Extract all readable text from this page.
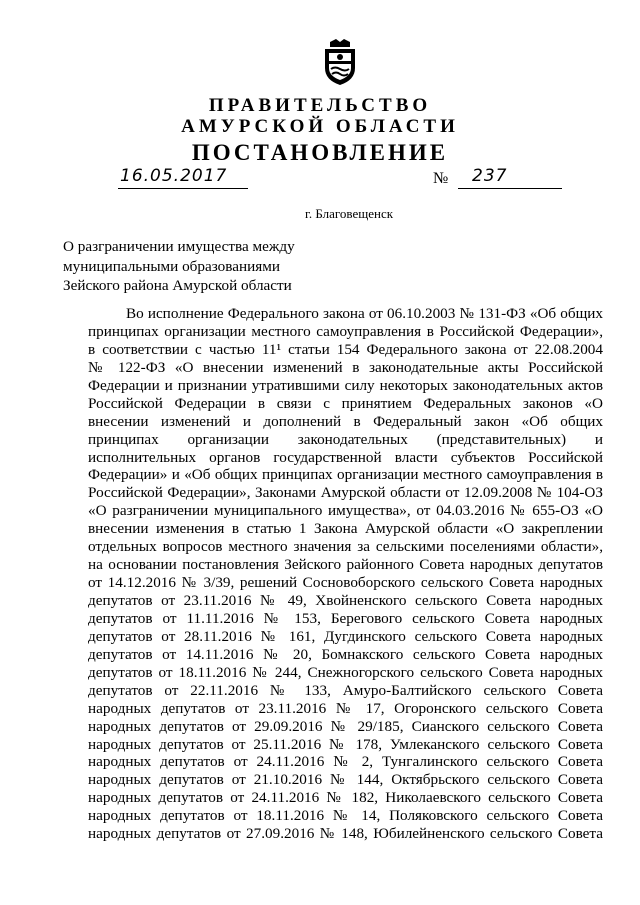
ПРАВИТЕЛЬСТВО
АМУРСКОЙ ОБЛАСТИ
ПОСТАНОВЛЕНИЕ
16.05.2017	№ 237
г. Благовещенск
О разграничении имущества между
муниципальными образованиями
Зейского района Амурской области
Во исполнение Федерального закона от 06.10.2003 № 131-ФЗ «Об общих
принципах организации местного самоуправления в Российской Федерации»,
в соответствии с частью 11¹ статьи 154 Федерального закона от 22.08.2004
№ 122-ФЗ «О внесении изменений в законодательные акты Российской
Федерации и признании утратившими силу некоторых законодательных актов
Российской Федерации в связи с принятием Федеральных законов «О
внесении изменений и дополнений в Федеральный закон «Об общих
принципах организации законодательных (представительных) и
исполнительных органов государственной власти субъектов Российской
Федерации» и «Об общих принципах организации местного самоуправления в
Российской Федерации», Законами Амурской области от 12.09.2008 № 104-ОЗ
«О разграничении муниципального имущества», от 04.03.2016 № 655-ОЗ «О
внесении изменения в статью 1 Закона Амурской области «О закреплении
отдельных вопросов местного значения за сельскими поселениями области»,
на основании постановления Зейского районного Совета народных депутатов
от 14.12.2016 № 3/39, решений Сосновоборского сельского Совета народных
депутатов от 23.11.2016 № 49, Хвойненского сельского Совета народных
депутатов от 11.11.2016 № 153, Берегового сельского Совета народных
депутатов от 28.11.2016 № 161, Дугдинского сельского Совета народных
депутатов от 14.11.2016 № 20, Бомнакского сельского Совета народных
депутатов от 18.11.2016 № 244, Снежногорского сельского Совета народных
депутатов от 22.11.2016 № 133, Амуро-Балтийского сельского Совета
народных депутатов от 23.11.2016 № 17, Огоронского сельского Совета
народных депутатов от 29.09.2016 № 29/185, Сианского сельского Совета
народных депутатов от 25.11.2016 № 178, Умлеканского сельского Совета
народных депутатов от 24.11.2016 № 2, Тунгалинского сельского Совета
народных депутатов от 21.10.2016 № 144, Октябрьского сельского Совета
народных депутатов от 24.11.2016 № 182, Николаевского сельского Совета
народных депутатов от 18.11.2016 № 14, Поляковского сельского Совета
народных депутатов от 27.09.2016 № 148, Юбилейненского сельского Совета
